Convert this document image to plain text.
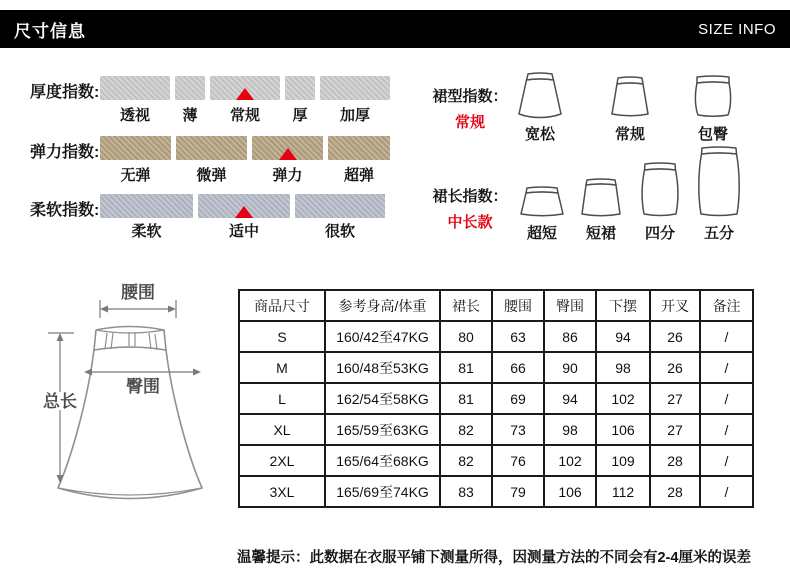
尺寸信息	SIZE INFO
厚度指数:
透视	薄	常规	厚	加厚
弹力指数:
无弹	微弹	弹力	超弹
柔软指数:
柔软	适中	很软
裙型指数：
常规
宽松	常规	包臀
裙长指数：
中长款
超短 短裙 四分 五分
腰围
臀围
总长
商品尺寸	参考身高/体重	裙长	腰围	臀围	下摆	开叉	备注
S	160/42至47KG	80	63	86	94	26	/
M	160/48至53KG	81	66	90	98	26	/
L	162/54至58KG	81	69	94	102	27	/
XL	165/59至63KG	82	73	98	106	27	/
2XL	165/64至68KG	82	76	102	109	28	/
3XL	165/69至74KG	83	79	106	112	28	/
温馨提示：此数据在衣服平铺下测量所得，因测量方法的不同会有2-4厘米的误差
